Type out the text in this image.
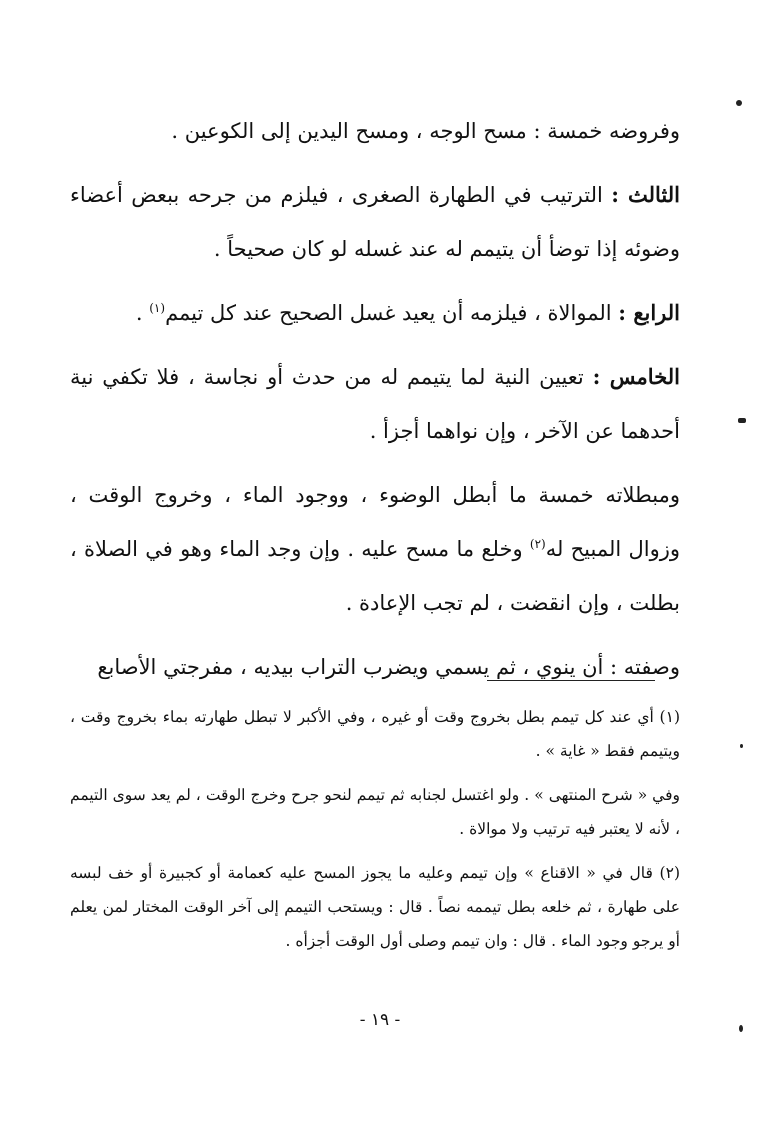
وفروضه خمسة : مسح الوجه ، ومسح اليدين إلى الكوعين .

الثالث : الترتيب في الطهارة الصغرى ، فيلزم من جرحه ببعض أعضاء وضوئه إذا توضأ أن يتيمم له عند غسله لو كان صحيحاً .

الرابع : الموالاة ، فيلزمه أن يعيد غسل الصحيح عند كل تيمم$^{(١)}$ .

الخامس : تعيين النية لما يتيمم له من حدث أو نجاسة ، فلا تكفي نية أحدهما عن الآخر ، وإن نواهما أجزأ .

ومبطلاته خمسة ما أبطل الوضوء ، ووجود الماء ، وخروج الوقت ، وزوال المبيح له$^{(٢)}$ وخلع ما مسح عليه . وإن وجد الماء وهو في الصلاة ، بطلت ، وإن انقضت ، لم تجب الإعادة .

وصفته : أن ينوي ، ثم يسمي ويضرب التراب بيديه ، مفرجتي الأصابع

(١) أي عند كل تيمم بطل بخروج وقت أو غيره ، وفي الأكبر لا تبطل طهارته بماء بخروج وقت ، ويتيمم فقط « غاية » .

وفي « شرح المنتهى » . ولو اغتسل لجنابه ثم تيمم لنحو جرح وخرج الوقت ، لم يعد سوى التيمم ، لأنه لا يعتبر فيه ترتيب ولا موالاة .

(٢) قال في « الاقناع » وإن تيمم وعليه ما يجوز المسح عليه كعمامة أو كجبيرة أو خف لبسه على طهارة ، ثم خلعه بطل تيممه نصاً . قال : ويستحب التيمم إلى آخر الوقت المختار لمن يعلم أو يرجو وجود الماء . قال : وان تيمم وصلى أول الوقت أجزأه .

- ١٩ -
